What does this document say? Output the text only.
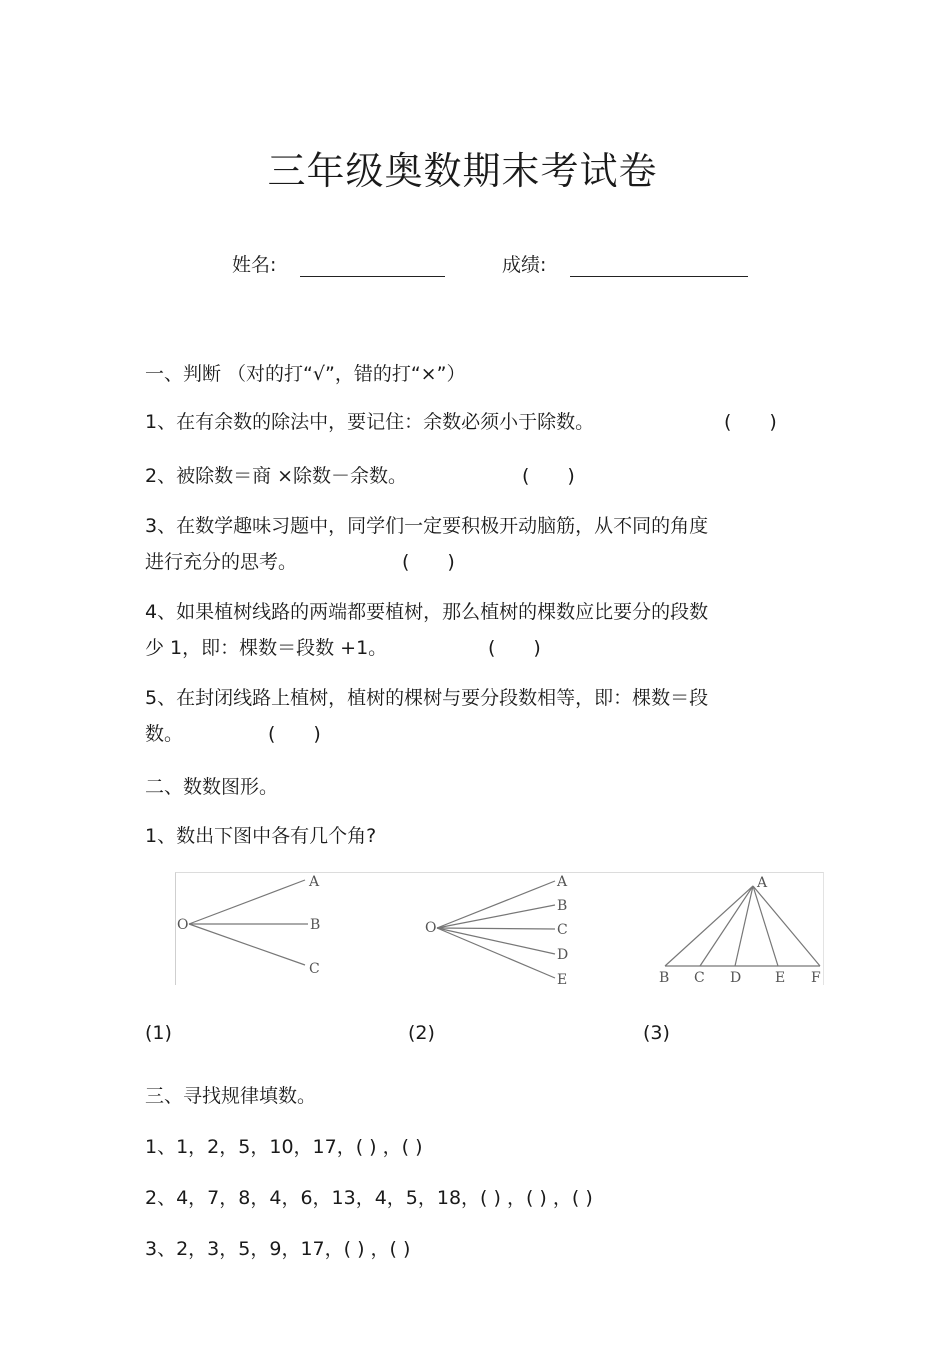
三年级奥数期末考试卷
姓名:	成绩:
一、判断 （对的打“√”，错的打“×”）
1、在有余数的除法中，要记住：余数必须小于除数。	(　　)
2、被除数＝商 ×除数－余数。	(　　)
3、在数学趣味习题中，同学们一定要积极开动脑筋，从不同的角度
进行充分的思考。	(　　)
4、如果植树线路的两端都要植树，那么植树的棵数应比要分的段数
少 1，即：棵数＝段数 +1。	(　　)
5、在封闭线路上植树，植树的棵树与要分段数相等，即：棵数＝段
数。	(　　)
二、数数图形。
1、数出下图中各有几个角?
O
A
B
C
O
A
B
C
D
E
A
B C D E F
(1)	(2)	(3)
三、寻找规律填数。
1、1，2，5，10，17，( ) ，( )
2、4，7，8，4，6，13，4，5，18，( ) ，( ) ，( )
3、2，3，5，9，17，( ) ，( )
